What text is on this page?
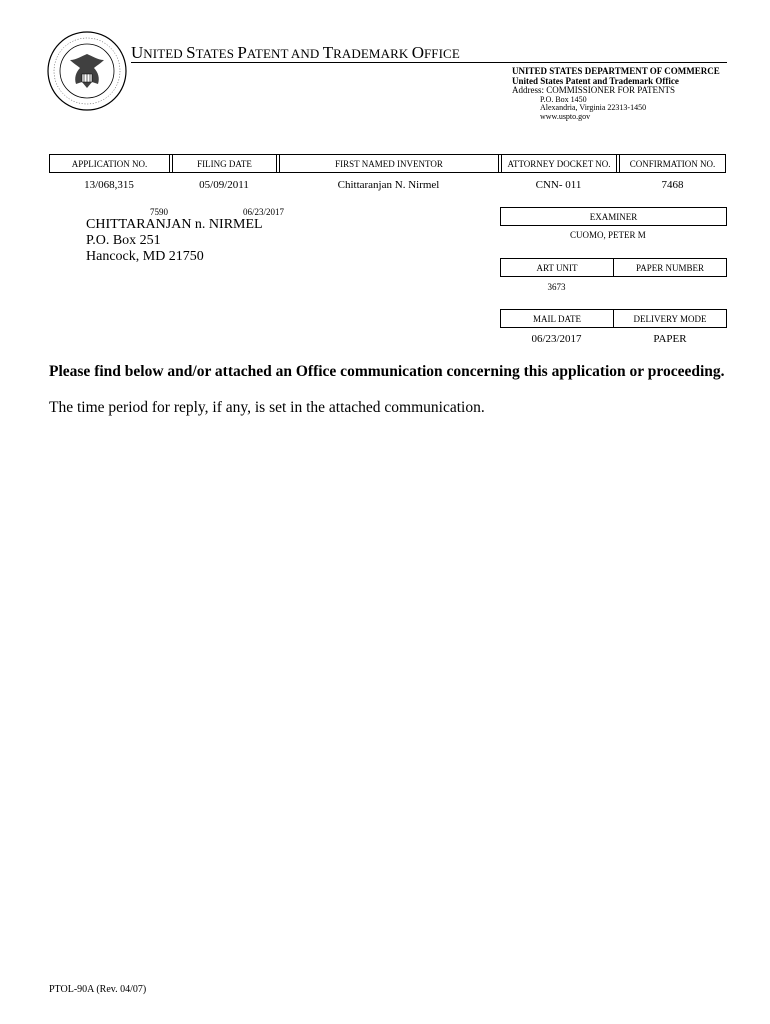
UNITED STATES PATENT AND TRADEMARK OFFICE
UNITED STATES DEPARTMENT OF COMMERCE
United States Patent and Trademark Office
Address: COMMISSIONER FOR PATENTS
P.O. Box 1450
Alexandria, Virginia 22313-1450
www.uspto.gov
APPLICATION NO.	FILING DATE	FIRST NAMED INVENTOR	ATTORNEY DOCKET NO.	CONFIRMATION NO.
13/068,315	05/09/2011	Chittaranjan N. Nirmel	CNN- 011	7468
7590	06/23/2017
CHITTARANJAN n. NIRMEL
P.O. Box 251
Hancock, MD 21750
EXAMINER
CUOMO, PETER M
ART UNIT	PAPER NUMBER
3673
MAIL DATE	DELIVERY MODE
06/23/2017	PAPER
Please find below and/or attached an Office communication concerning this application or proceeding.
The time period for reply, if any, is set in the attached communication.
PTOL-90A (Rev. 04/07)
